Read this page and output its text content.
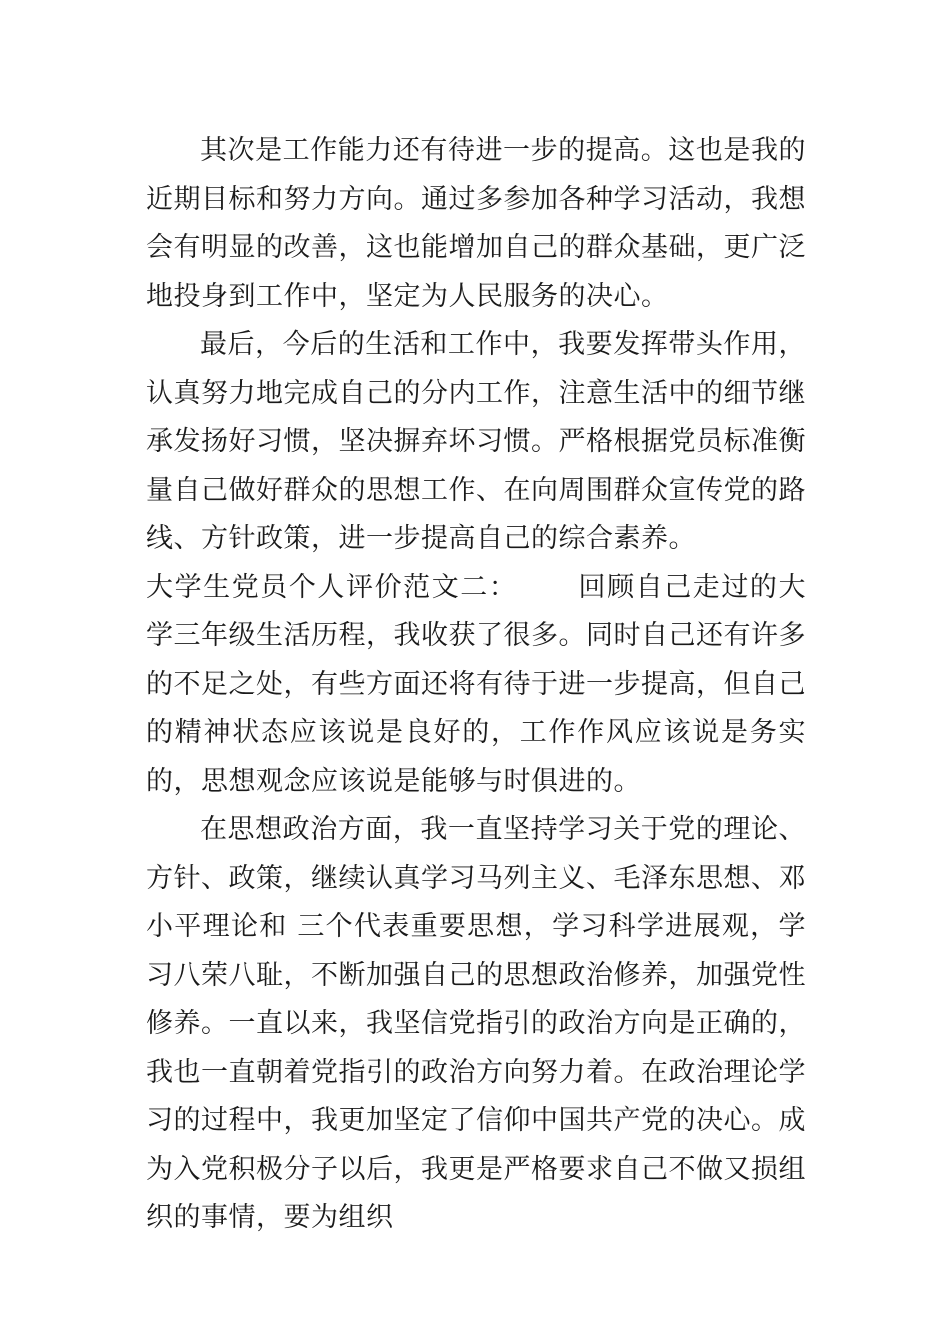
其次是工作能力还有待进一步的提高。这也是我的近期目标和努力方向。通过多参加各种学习活动，我想会有明显的改善，这也能增加自己的群众基础，更广泛地投身到工作中，坚定为人民服务的决心。

最后，今后的生活和工作中，我要发挥带头作用，认真努力地完成自己的分内工作，注意生活中的细节继承发扬好习惯，坚决摒弃坏习惯。严格根据党员标准衡量自己做好群众的思想工作、在向周围群众宣传党的路线、方针政策，进一步提高自己的综合素养。

大学生党员个人评价范文二： 回顾自己走过的大学三年级生活历程，我收获了很多。同时自己还有许多的不足之处，有些方面还将有待于进一步提高，但自己的精神状态应该说是良好的，工作作风应该说是务实的，思想观念应该说是能够与时俱进的。

在思想政治方面，我一直坚持学习关于党的理论、方针、政策，继续认真学习马列主义、毛泽东思想、邓小平理论和 三个代表重要思想，学习科学进展观，学习八荣八耻，不断加强自己的思想政治修养，加强党性修养。一直以来，我坚信党指引的政治方向是正确的，我也一直朝着党指引的政治方向努力着。在政治理论学习的过程中，我更加坚定了信仰中国共产党的决心。成为入党积极分子以后，我更是严格要求自己不做又损组织的事情，要为组织
